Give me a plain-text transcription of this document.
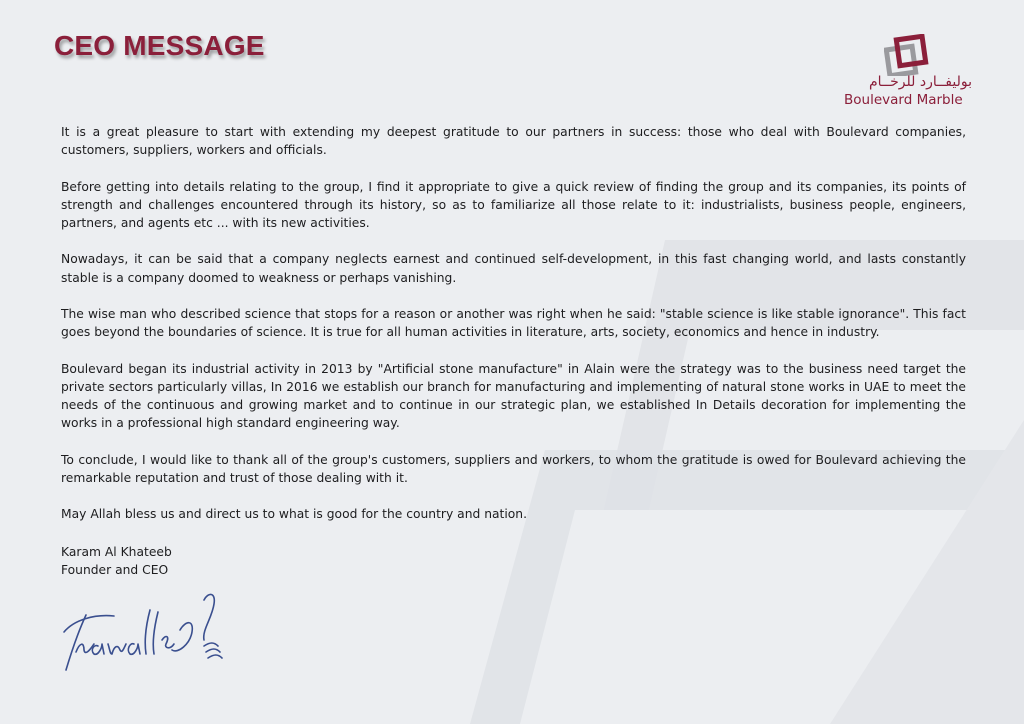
CEO MESSAGE
بوليفــارد للرخــام
Boulevard Marble

It is a great pleasure to start with extending my deepest gratitude to our partners in success: those who deal with Boulevard companies, customers, suppliers, workers and officials.

Before getting into details relating to the group, I find it appropriate to give a quick review of finding the group and its companies, its points of strength and challenges encountered through its history, so as to familiarize all those relate to it: industrialists, business people, engineers, partners, and agents etc ... with its new activities.

Nowadays, it can be said that a company neglects earnest and continued self-development, in this fast changing world, and lasts constantly stable is a company doomed to weakness or perhaps vanishing.

The wise man who described science that stops for a reason or another was right when he said: "stable science is like stable ignorance". This fact goes beyond the boundaries of science. It is true for all human activities in literature, arts, society, economics and hence in industry.

Boulevard began its industrial activity in 2013 by "Artificial stone manufacture" in Alain were the strategy was to the business need target the private sectors particularly villas, In 2016 we establish our branch for manufacturing and implementing of natural stone works in UAE to meet the needs of the continuous and growing market and to continue in our strategic plan, we established In Details decoration for implementing the works in a professional high standard engineering way.

To conclude, I would like to thank all of the group's customers, suppliers and workers, to whom the gratitude is owed for Boulevard achieving the remarkable reputation and trust of those dealing with it.

May Allah bless us and direct us to what is good for the country and nation.

Karam Al Khateeb
Founder and CEO
